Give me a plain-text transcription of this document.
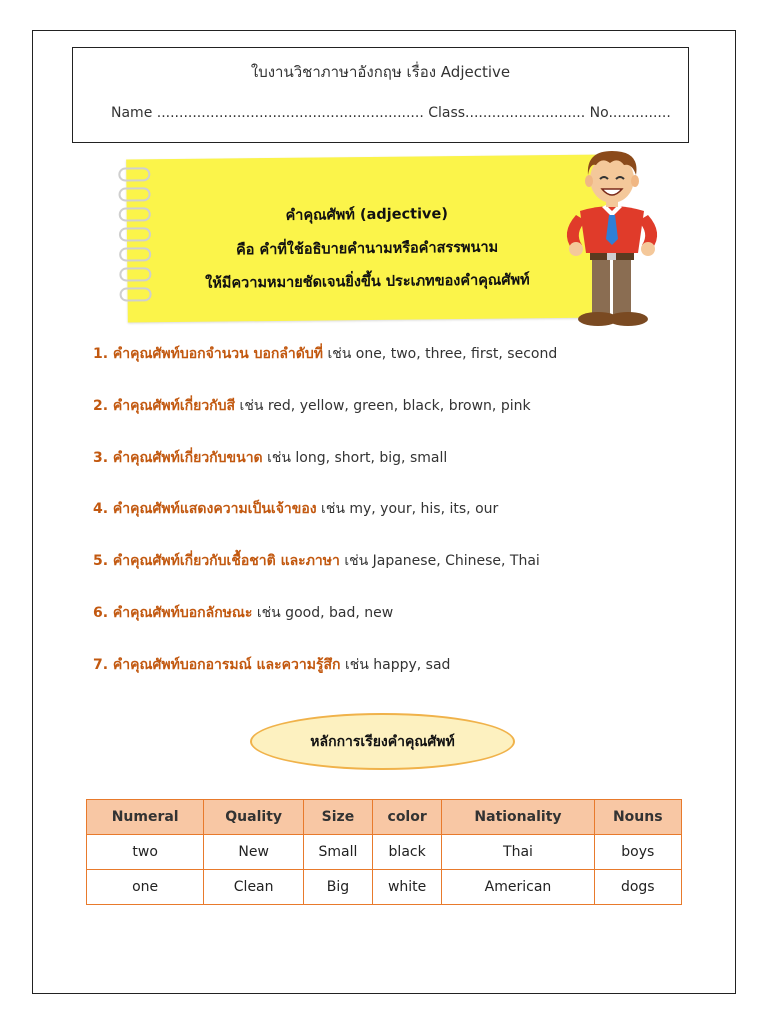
ใบงานวิชาภาษาอังกฤษ เรื่อง Adjective
Name ............................................................ Class........................... No..............
คำคุณศัพท์ (adjective)
คือ คำที่ใช้อธิบายคำนามหรือคำสรรพนาม
ให้มีความหมายชัดเจนยิ่งขึ้น ประเภทของคำคุณศัพท์
1. คำคุณศัพท์บอกจำนวน บอกลำดับที่ เช่น one, two, three, first, second
2. คำคุณศัพท์เกี่ยวกับสี เช่น red, yellow, green, black, brown, pink
3. คำคุณศัพท์เกี่ยวกับขนาด เช่น long, short, big, small
4. คำคุณศัพท์แสดงความเป็นเจ้าของ เช่น my, your, his, its, our
5. คำคุณศัพท์เกี่ยวกับเชื้อชาติ และภาษา เช่น Japanese, Chinese, Thai
6. คำคุณศัพท์บอกลักษณะ เช่น good, bad, new
7. คำคุณศัพท์บอกอารมณ์ และความรู้สึก เช่น happy, sad
หลักการเรียงคำคุณศัพท์
Numeral	Quality	Size	color	Nationality	Nouns
two	New	Small	black	Thai	boys
one	Clean	Big	white	American	dogs
